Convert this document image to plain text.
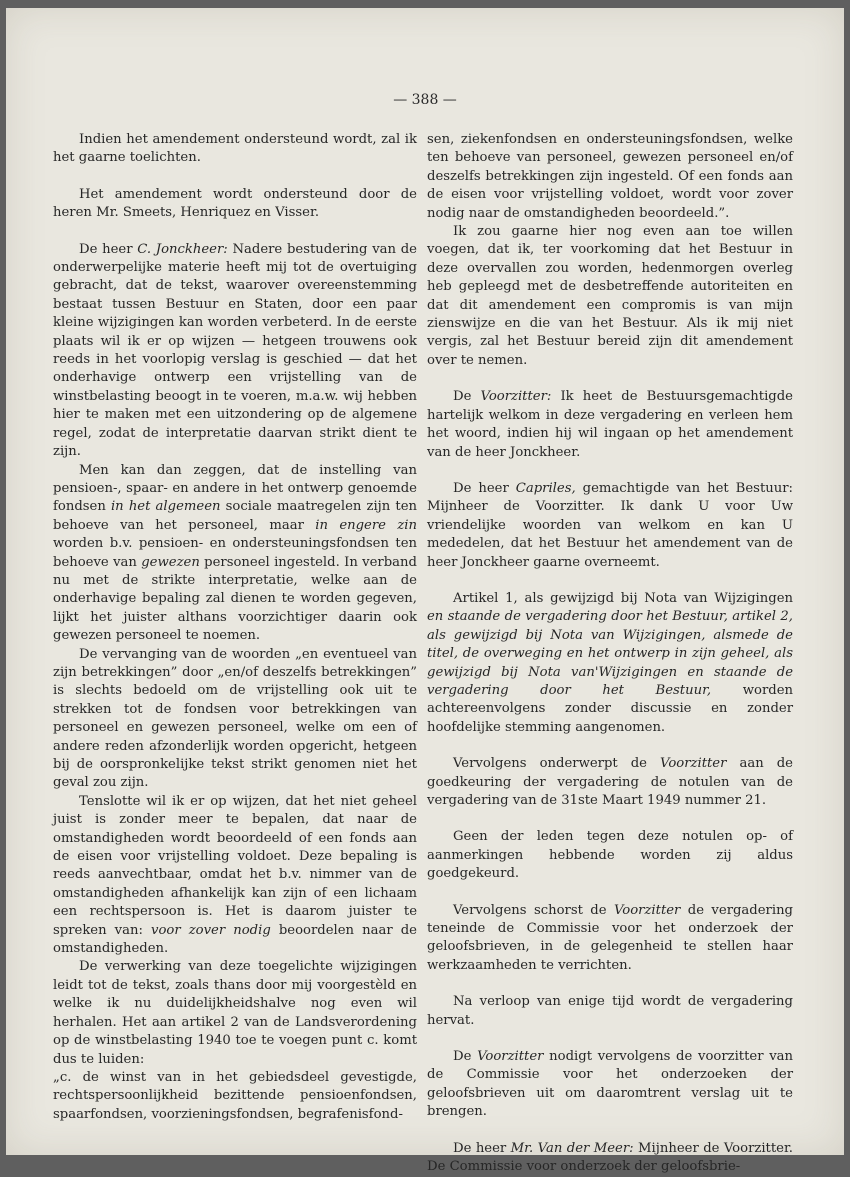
— 388 —

Indien het amendement ondersteund wordt, zal ik het gaarne toelichten.

Het amendement wordt ondersteund door de heren Mr. Smeets, Henriquez en Visser.

De heer C. Jonckheer: Nadere bestudering van de onderwerpelijke materie heeft mij tot de overtuiging gebracht, dat de tekst, waarover overeenstemming bestaat tussen Bestuur en Staten, door een paar kleine wijzigingen kan worden verbeterd. In de eerste plaats wil ik er op wijzen — hetgeen trouwens ook reeds in het voorlopig verslag is geschied — dat het onderhavige ontwerp een vrijstelling van de winstbelasting beoogt in te voeren, m.a.w. wij hebben hier te maken met een uitzondering op de algemene regel, zodat de interpretatie daarvan strikt dient te zijn.

Men kan dan zeggen, dat de instelling van pensioen-, spaar- en andere in het ontwerp genoemde fondsen in het algemeen sociale maatregelen zijn ten behoeve van het personeel, maar in engere zin worden b.v. pensioen- en ondersteuningsfondsen ten behoeve van gewezen personeel ingesteld. In verband nu met de strikte interpretatie, welke aan de onderhavige bepaling zal dienen te worden gegeven, lijkt het juister althans voorzichtiger daarin ook gewezen personeel te noemen.

De vervanging van de woorden „en eventueel van zijn betrekkingen” door „en/of deszelfs betrekkingen” is slechts bedoeld om de vrijstelling ook uit te strekken tot de fondsen voor betrekkingen van personeel en gewezen personeel, welke om een of andere reden afzonderlijk worden opgericht, hetgeen bij de oorspronkelijke tekst strikt genomen niet het geval zou zijn.

Tenslotte wil ik er op wijzen, dat het niet geheel juist is zonder meer te bepalen, dat naar de omstandigheden wordt beoordeeld of een fonds aan de eisen voor vrijstelling voldoet. Deze bepaling is reeds aanvechtbaar, omdat het b.v. nimmer van de omstandigheden afhankelijk kan zijn of een lichaam een rechtspersoon is. Het is daarom juister te spreken van: voor zover nodig beoordelen naar de omstandigheden.

De verwerking van deze toegelichte wijzigingen leidt tot de tekst, zoals thans door mij voorgestèld en welke ik nu duidelijkheidshalve nog even wil herhalen. Het aan artikel 2 van de Landsverordening op de winstbelasting 1940 toe te voegen punt c. komt dus te luiden:

„c. de winst van in het gebiedsdeel gevestigde, rechtspersoonlijkheid bezittende pensioenfondsen, spaarfondsen, voorzieningsfondsen, begrafenisfond-

sen, ziekenfondsen en ondersteuningsfondsen, welke ten behoeve van personeel, gewezen personeel en/of deszelfs betrekkingen zijn ingesteld. Of een fonds aan de eisen voor vrijstelling voldoet, wordt voor zover nodig naar de omstandigheden beoordeeld.”.

Ik zou gaarne hier nog even aan toe willen voegen, dat ik, ter voorkoming dat het Bestuur in deze overvallen zou worden, hedenmorgen overleg heb gepleegd met de desbetreffende autoriteiten en dat dit amendement een compromis is van mijn zienswijze en die van het Bestuur. Als ik mij niet vergis, zal het Bestuur bereid zijn dit amendement over te nemen.

De Voorzitter: Ik heet de Bestuursgemachtigde hartelijk welkom in deze vergadering en verleen hem het woord, indien hij wil ingaan op het amendement van de heer Jonckheer.

De heer Capriles, gemachtigde van het Bestuur: Mijnheer de Voorzitter. Ik dank U voor Uw vriendelijke woorden van welkom en kan U mededelen, dat het Bestuur het amendement van de heer Jonckheer gaarne overneemt.

Artikel 1, als gewijzigd bij Nota van Wijzigingen en staande de vergadering door het Bestuur, artikel 2, als gewijzigd bij Nota van Wijzigingen, alsmede de titel, de overweging en het ontwerp in zijn geheel, als gewijzigd bij Nota van'Wijzigingen en staande de vergadering door het Bestuur, worden achtereenvolgens zonder discussie en zonder hoofdelijke stemming aangenomen.

Vervolgens onderwerpt de Voorzitter aan de goedkeuring der vergadering de notulen van de vergadering van de 31ste Maart 1949 nummer 21.

Geen der leden tegen deze notulen op- of aanmerkingen hebbende worden zij aldus goedgekeurd.

Vervolgens schorst de Voorzitter de vergadering teneinde de Commissie voor het onderzoek der geloofsbrieven, in de gelegenheid te stellen haar werkzaamheden te verrichten.

Na verloop van enige tijd wordt de vergadering hervat.

De Voorzitter nodigt vervolgens de voorzitter van de Commissie voor het onderzoeken der geloofsbrieven uit om daaromtrent verslag uit te brengen.

De heer Mr. Van der Meer: Mijnheer de Voorzitter. De Commissie voor onderzoek der geloofsbrie-
